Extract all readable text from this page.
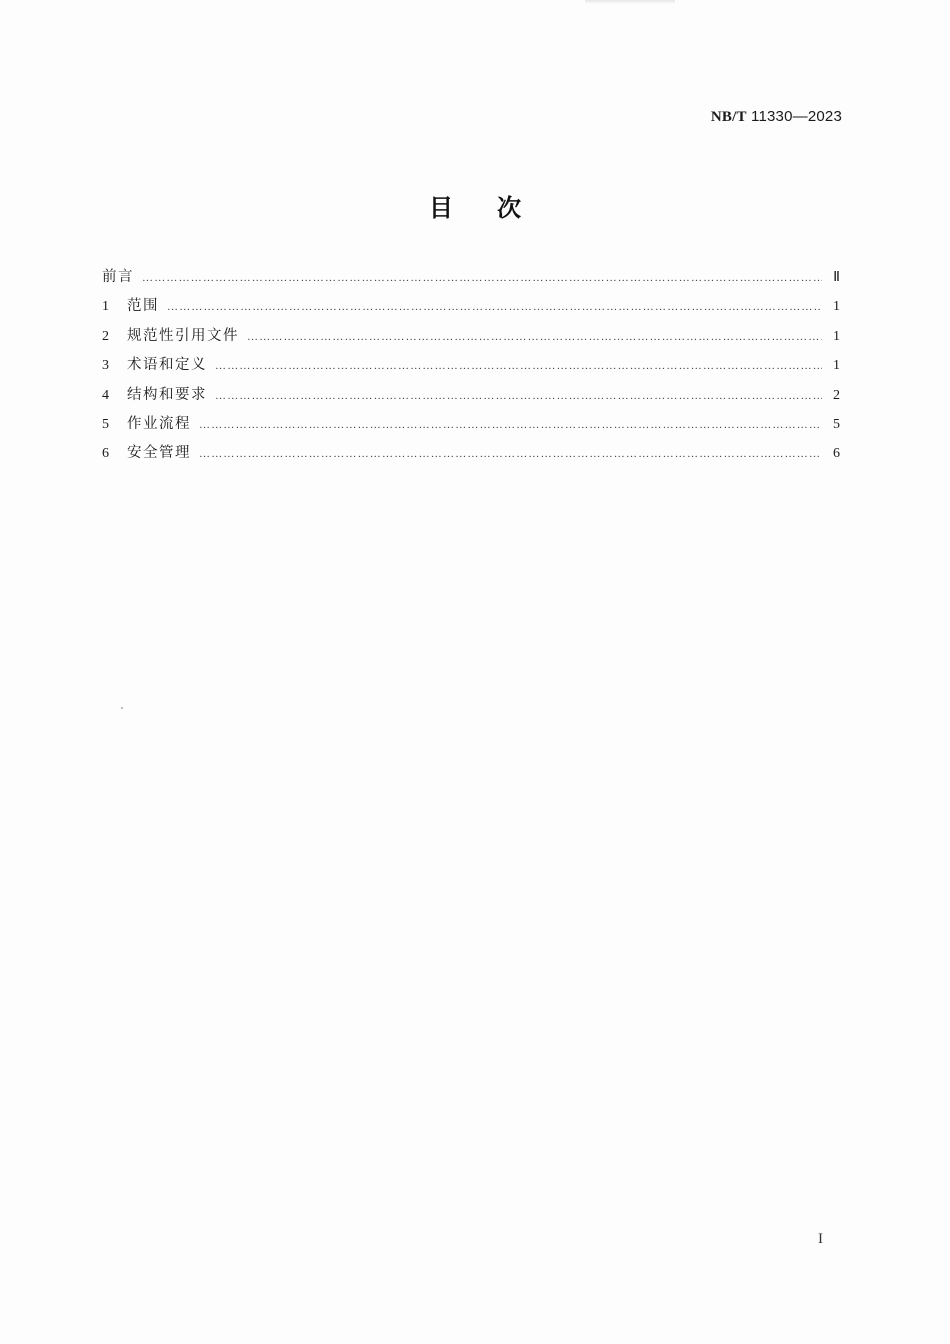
NB/T 11330—2023
目次
前言 ……………………………………………………………………………………………………………………………………………………………………………………………………………………………………	Ⅱ
1	范围 ……………………………………………………………………………………………………………………………………………………………………………………………………………………………………	1
2	规范性引用文件 ……………………………………………………………………………………………………………………………………………………………………………………………………………………………………	1
3	术语和定义 ……………………………………………………………………………………………………………………………………………………………………………………………………………………………………	1
4	结构和要求 ……………………………………………………………………………………………………………………………………………………………………………………………………………………………………	2
5	作业流程 ……………………………………………………………………………………………………………………………………………………………………………………………………………………………………	5
6	安全管理 ……………………………………………………………………………………………………………………………………………………………………………………………………………………………………	6
I
